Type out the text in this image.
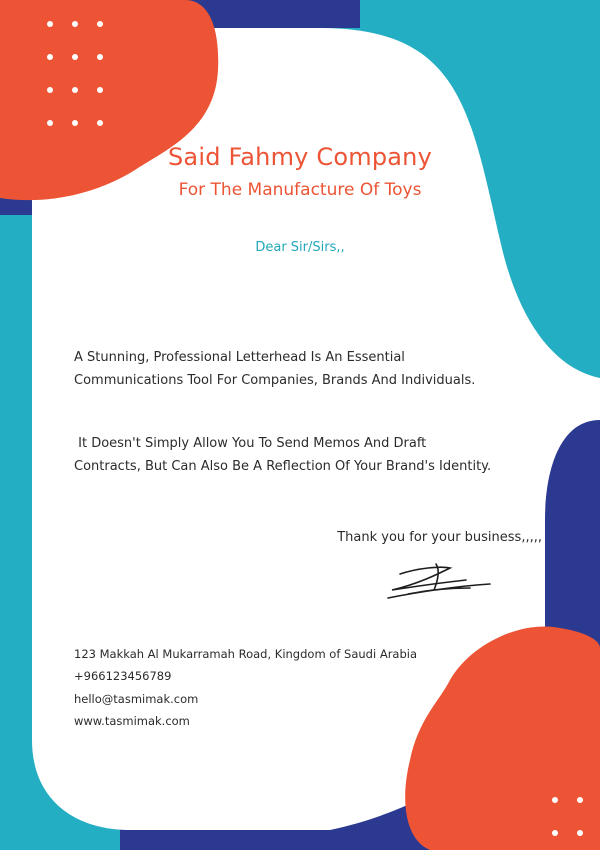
Said Fahmy Company
For The Manufacture Of Toys
Dear Sir/Sirs,,
A Stunning, Professional Letterhead Is An Essential
Communications Tool For Companies, Brands And Individuals.
It Doesn't Simply Allow You To Send Memos And Draft
Contracts, But Can Also Be A Reflection Of Your Brand's Identity.
Thank you for your business,,,,,
123 Makkah Al Mukarramah Road, Kingdom of Saudi Arabia
+966123456789
hello@tasmimak.com
www.tasmimak.com
